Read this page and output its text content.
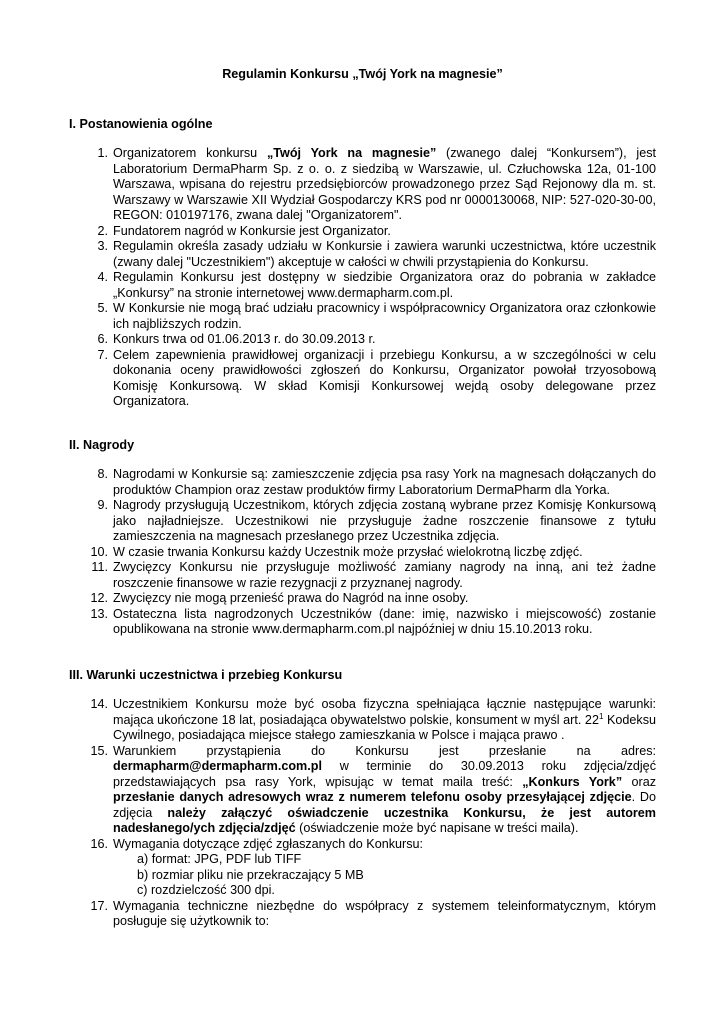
Regulamin Konkursu „Twój York na magnesie”
I. Postanowienia ogólne
1. Organizatorem konkursu „Twój York na magnesie” (zwanego dalej “Konkursem”), jest Laboratorium DermaPharm Sp. z o. o. z siedzibą w Warszawie, ul. Człuchowska 12a, 01-100 Warszawa, wpisana do rejestru przedsiębiorców prowadzonego przez Sąd Rejonowy dla m. st. Warszawy w Warszawie XII Wydział Gospodarczy KRS pod nr 0000130068, NIP: 527-020-30-00, REGON: 010197176, zwana dalej "Organizatorem".
2. Fundatorem nagród w Konkursie jest Organizator.
3. Regulamin określa zasady udziału w Konkursie i zawiera warunki uczestnictwa, które uczestnik (zwany dalej "Uczestnikiem") akceptuje w całości w chwili przystąpienia do Konkursu.
4. Regulamin Konkursu jest dostępny w siedzibie Organizatora oraz do pobrania w zakładce „Konkursy” na stronie internetowej www.dermapharm.com.pl.
5. W Konkursie nie mogą brać udziału pracownicy i współpracownicy Organizatora oraz członkowie ich najbliższych rodzin.
6. Konkurs trwa od 01.06.2013 r. do 30.09.2013 r.
7. Celem zapewnienia prawidłowej organizacji i przebiegu Konkursu, a w szczególności w celu dokonania oceny prawidłowości zgłoszeń do Konkursu, Organizator powołał trzyosobową Komisję Konkursową. W skład Komisji Konkursowej wejdą osoby delegowane przez Organizatora.
II. Nagrody
8. Nagrodami w Konkursie są: zamieszczenie zdjęcia psa rasy York na magnesach dołączanych do produktów Champion oraz zestaw produktów firmy Laboratorium DermaPharm dla Yorka.
9. Nagrody przysługują Uczestnikom, których zdjęcia zostaną wybrane przez Komisję Konkursową jako najładniejsze. Uczestnikowi nie przysługuje żadne roszczenie finansowe z tytułu zamieszczenia na magnesach przesłanego przez Uczestnika zdjęcia.
10. W czasie trwania Konkursu każdy Uczestnik może przysłać wielokrotną liczbę zdjęć.
11. Zwycięzcy Konkursu nie przysługuje możliwość zamiany nagrody na inną, ani też żadne roszczenie finansowe w razie rezygnacji z przyznanej nagrody.
12. Zwycięzcy nie mogą przenieść prawa do Nagród na inne osoby.
13. Ostateczna lista nagrodzonych Uczestników (dane: imię, nazwisko i miejscowość) zostanie opublikowana na stronie www.dermapharm.com.pl najpóźniej w dniu 15.10.2013 roku.
III. Warunki uczestnictwa i przebieg Konkursu
14. Uczestnikiem Konkursu może być osoba fizyczna spełniająca łącznie następujące warunki: mająca ukończone 18 lat, posiadająca obywatelstwo polskie, konsument w myśl art. $22^1$ Kodeksu Cywilnego, posiadająca miejsce stałego zamieszkania w Polsce i mająca prawo .
15. Warunkiem przystąpienia do Konkursu jest przesłanie na adres: dermapharm@dermapharm.com.pl w terminie do 30.09.2013 roku zdjęcia/zdjęć przedstawiających psa rasy York, wpisując w temat maila treść: „Konkurs York” oraz przesłanie danych adresowych wraz z numerem telefonu osoby przesyłającej zdjęcie. Do zdjęcia należy załączyć oświadczenie uczestnika Konkursu, że jest autorem nadesłanego/ych zdjęcia/zdjęć (oświadczenie może być napisane w treści maila).
16. Wymagania dotyczące zdjęć zgłaszanych do Konkursu:
a) format: JPG, PDF lub TIFF
b) rozmiar pliku nie przekraczający 5 MB
c) rozdzielczość 300 dpi.
17. Wymagania techniczne niezbędne do współpracy z systemem teleinformatycznym, którym posługuje się użytkownik to:
